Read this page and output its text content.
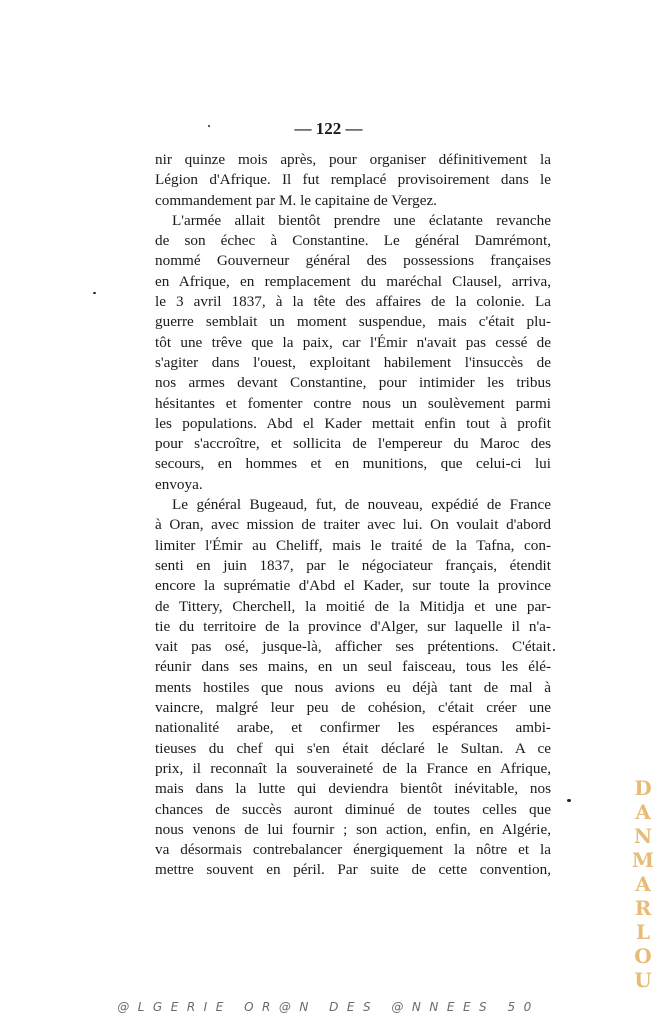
— 122 —
nir quinze mois après, pour organiser définitivement la
Légion d'Afrique. Il fut remplacé provisoirement dans le
commandement par M. le capitaine de Vergez.
L'armée allait bientôt prendre une éclatante revanche
de son échec à Constantine. Le général Damrémont,
nommé Gouverneur général des possessions françaises
en Afrique, en remplacement du maréchal Clausel, arriva,
le 3 avril 1837, à la tête des affaires de la colonie. La
guerre semblait un moment suspendue, mais c'était plu-
tôt une trêve que la paix, car l'Émir n'avait pas cessé de
s'agiter dans l'ouest, exploitant habilement l'insuccès de
nos armes devant Constantine, pour intimider les tribus
hésitantes et fomenter contre nous un soulèvement parmi
les populations. Abd el Kader mettait enfin tout à profit
pour s'accroître, et sollicita de l'empereur du Maroc des
secours, en hommes et en munitions, que celui-ci lui
envoya.
Le général Bugeaud, fut, de nouveau, expédié de France
à Oran, avec mission de traiter avec lui. On voulait d'abord
limiter l'Émir au Cheliff, mais le traité de la Tafna, con-
senti en juin 1837, par le négociateur français, étendit
encore la suprématie d'Abd el Kader, sur toute la province
de Tittery, Cherchell, la moitié de la Mitidja et une par-
tie du territoire de la province d'Alger, sur laquelle il n'a-
vait pas osé, jusque-là, afficher ses prétentions. C'était
réunir dans ses mains, en un seul faisceau, tous les élé-
ments hostiles que nous avions eu déjà tant de mal à
vaincre, malgré leur peu de cohésion, c'était créer une
nationalité arabe, et confirmer les espérances ambi-
tieuses du chef qui s'en était déclaré le Sultan. A ce
prix, il reconnaît la souveraineté de la France en Afrique,
mais dans la lutte qui deviendra bientôt inévitable, nos
chances de succès auront diminué de toutes celles que
nous venons de lui fournir ; son action, enfin, en Algérie,
va désormais contrebalancer énergiquement la nôtre et la
mettre souvent en péril. Par suite de cette convention,
@LGERIE OR@N DES @NNEES 50
DANMARLOU
